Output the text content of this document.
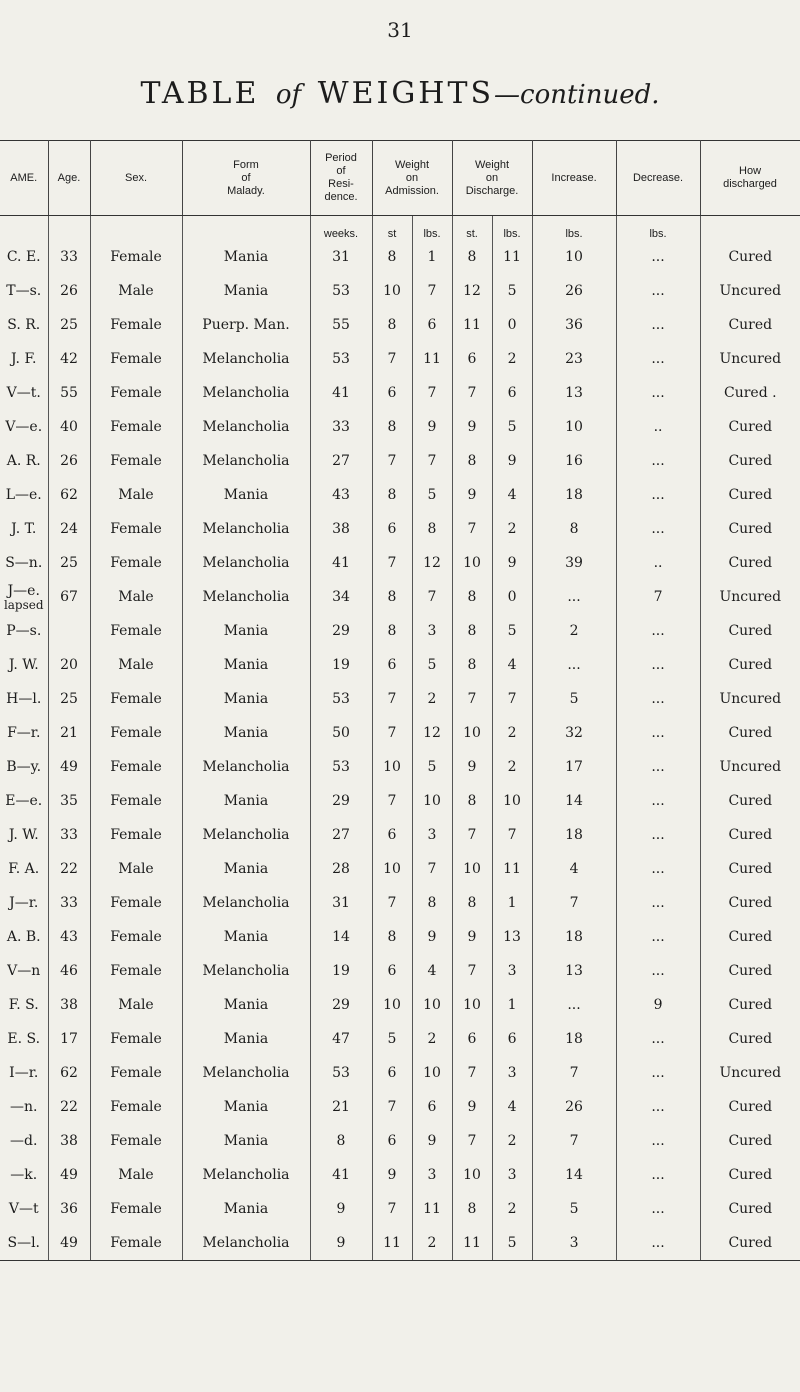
31
TABLE of WEIGHTS—continued.
AME.	Age.	Sex.	Form
of
Malady.	Period
of
Resi-
dence.	Weight
on
Admission.		Weight
on
Discharge.		Increase.	Decrease.	How
discharged

				weeks.	st	lbs.	st.	lbs.	lbs.	lbs.	
C. E.	33	Female	Mania	31	8	1	8	11	10	...	Cured
T—s.	26	Male	Mania	53	10	7	12	5	26	...	Uncured
S. R.	25	Female	Puerp. Man.	55	8	6	11	0	36	...	Cured
J. F.	42	Female	Melancholia	53	7	11	6	2	23	...	Uncured
V—t.	55	Female	Melancholia	41	6	7	7	6	13	...	Cured .
V—e.	40	Female	Melancholia	33	8	9	9	5	10	..	Cured
A. R.	26	Female	Melancholia	27	7	7	8	9	16	...	Cured
L—e.	62	Male	Mania	43	8	5	9	4	18	...	Cured
J. T.	24	Female	Melancholia	38	6	8	7	2	8	...	Cured
S—n.	25	Female	Melancholia	41	7	12	10	9	39	..	Cured
J—e.
lapsed	67	Male	Melancholia	34	8	7	8	0	...	7	Uncured
P—s.		Female	Mania	29	8	3	8	5	2	...	Cured
J. W.	20	Male	Mania	19	6	5	8	4	...	...	Cured
H—l.	25	Female	Mania	53	7	2	7	7	5	...	Uncured
F—r.	21	Female	Mania	50	7	12	10	2	32	...	Cured
B—y.	49	Female	Melancholia	53	10	5	9	2	17	...	Uncured
E—e.	35	Female	Mania	29	7	10	8	10	14	...	Cured
J. W.	33	Female	Melancholia	27	6	3	7	7	18	...	Cured
F. A.	22	Male	Mania	28	10	7	10	11	4	...	Cured
J—r.	33	Female	Melancholia	31	7	8	8	1	7	...	Cured
A. B.	43	Female	Mania	14	8	9	9	13	18	...	Cured
V—n	46	Female	Melancholia	19	6	4	7	3	13	...	Cured
F. S.	38	Male	Mania	29	10	10	10	1	...	9	Cured
E. S.	17	Female	Mania	47	5	2	6	6	18	...	Cured
I—r.	62	Female	Melancholia	53	6	10	7	3	7	...	Uncured
—n.	22	Female	Mania	21	7	6	9	4	26	...	Cured
—d.	38	Female	Mania	8	6	9	7	2	7	...	Cured
—k.	49	Male	Melancholia	41	9	3	10	3	14	...	Cured
V—t	36	Female	Mania	9	7	11	8	2	5	...	Cured
S—l.	49	Female	Melancholia	9	11	2	11	5	3	...	Cured
